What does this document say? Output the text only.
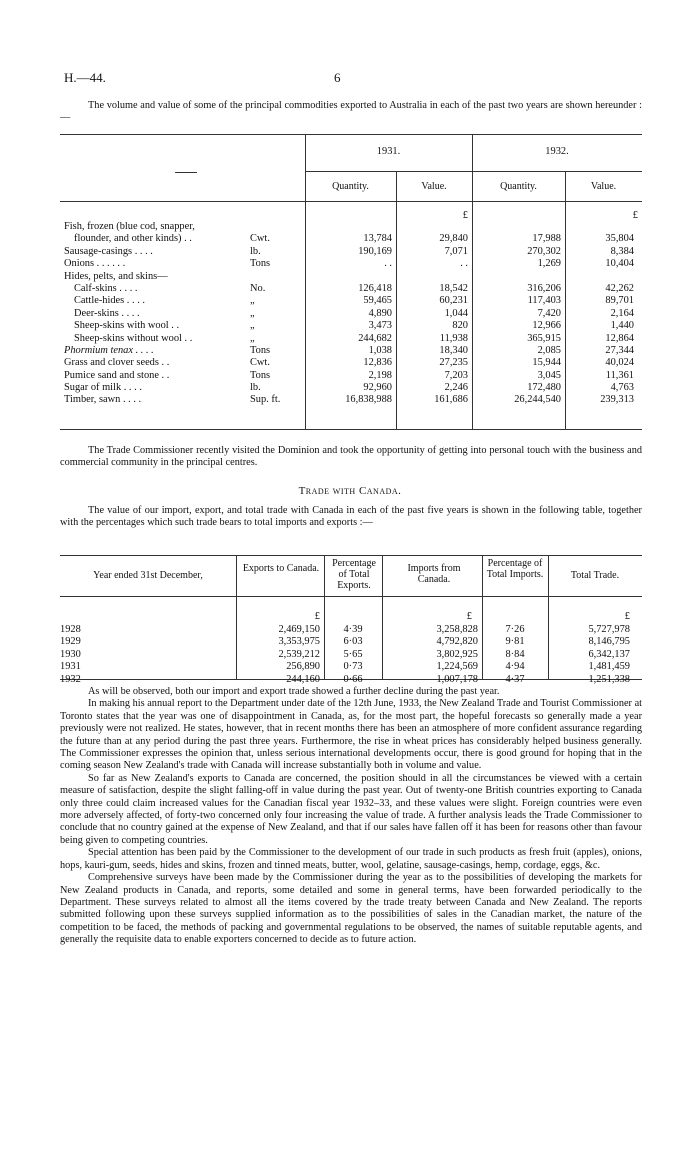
H.—44.	6

The volume and value of some of the principal commodities exported to Australia in each of the past two years are shown hereunder :—

1931.	1932.
Quantity.	Value.	Quantity.	Value.
£	£
Fish, frozen (blue cod, snapper,					
flounder, and other kinds) . .	Cwt.	13,784	29,840	17,988	35,804
Sausage-casings . . . .	lb.	190,169	7,071	270,302	8,384
Onions . . . . . .	Tons	. .	. .	1,269	10,404
Hides, pelts, and skins—					
Calf-skins . . . .	No.	126,418	18,542	316,206	42,262
Cattle-hides . . . .	„	59,465	60,231	117,403	89,701
Deer-skins . . . .	„	4,890	1,044	7,420	2,164
Sheep-skins with wool . .	„	3,473	820	12,966	1,440
Sheep-skins without wool . .	„	244,682	11,938	365,915	12,864
Phormium tenax . . . .	Tons	1,038	18,340	2,085	27,344
Grass and clover seeds . .	Cwt.	12,836	27,235	15,944	40,024
Pumice sand and stone . .	Tons	2,198	7,203	3,045	11,361
Sugar of milk . . . .	lb.	92,960	2,246	172,480	4,763
Timber, sawn . . . .	Sup. ft.	16,838,988	161,686	26,244,540	239,313

The Trade Commissioner recently visited the Dominion and took the opportunity of getting into personal touch with the business and commercial community in the principal centres.

Trade with Canada.

The value of our import, export, and total trade with Canada in each of the past five years is shown in the following table, together with the percentages which such trade bears to total imports and exports :—

Year ended 31st December,
Exports to Canada.	Percentage of Total Exports.
Imports from Canada.
Percentage of Total Imports.	Total Trade.
£	£	£
1928	2,469,150	4·39	3,258,828	7·26	5,727,978
1929	3,353,975	6·03	4,792,820	9·81	8,146,795
1930	2,539,212	5·65	3,802,925	8·84	6,342,137
1931	256,890	0·73	1,224,569	4·94	1,481,459
1932	244,160	0·66	1,007,178	4·37	1,251,338

As will be observed, both our import and export trade showed a further decline during the past year.

In making his annual report to the Department under date of the 12th June, 1933, the New Zealand Trade and Tourist Commissioner at Toronto states that the year was one of disappointment in Canada, as, for the most part, the hopeful forecasts so generally made a year previously were not realized. He states, however, that in recent months there has been an atmosphere of more confident assurance regarding the future than at any period during the past three years. Furthermore, the rise in wheat prices has considerably helped business generally. The Commissioner expresses the opinion that, unless serious international developments occur, there is good ground for hoping that in the coming season New Zealand's trade with Canada will increase substantially both in volume and value.

So far as New Zealand's exports to Canada are concerned, the position should in all the circumstances be viewed with a certain measure of satisfaction, despite the slight falling-off in value during the past year. Out of twenty-one British countries exporting to Canada only three could claim increased values for the Canadian fiscal year 1932–33, and these values were slight. Foreign countries were even more adversely affected, of forty-two concerned only four increasing the value of trade. A further analysis leads the Trade Commissioner to conclude that no country gained at the expense of New Zealand, and that if our sales have fallen off it has been for reasons other than favour being given to competing countries.

Special attention has been paid by the Commissioner to the development of our trade in such products as fresh fruit (apples), onions, hops, kauri-gum, seeds, hides and skins, frozen and tinned meats, butter, wool, gelatine, sausage-casings, hemp, cordage, eggs, &c.

Comprehensive surveys have been made by the Commissioner during the year as to the possibilities of developing the markets for New Zealand products in Canada, and reports, some detailed and some in general terms, have been forwarded periodically to the Department. These surveys related to almost all the items covered by the trade treaty between Canada and New Zealand. The reports submitted following upon these surveys supplied information as to the possibilities of sales in the Canadian market, the nature of the competition to be faced, the methods of packing and governmental regulations to be observed, the names of suitable reputable agents, and generally the requisite data to enable exporters concerned to decide as to future action.
